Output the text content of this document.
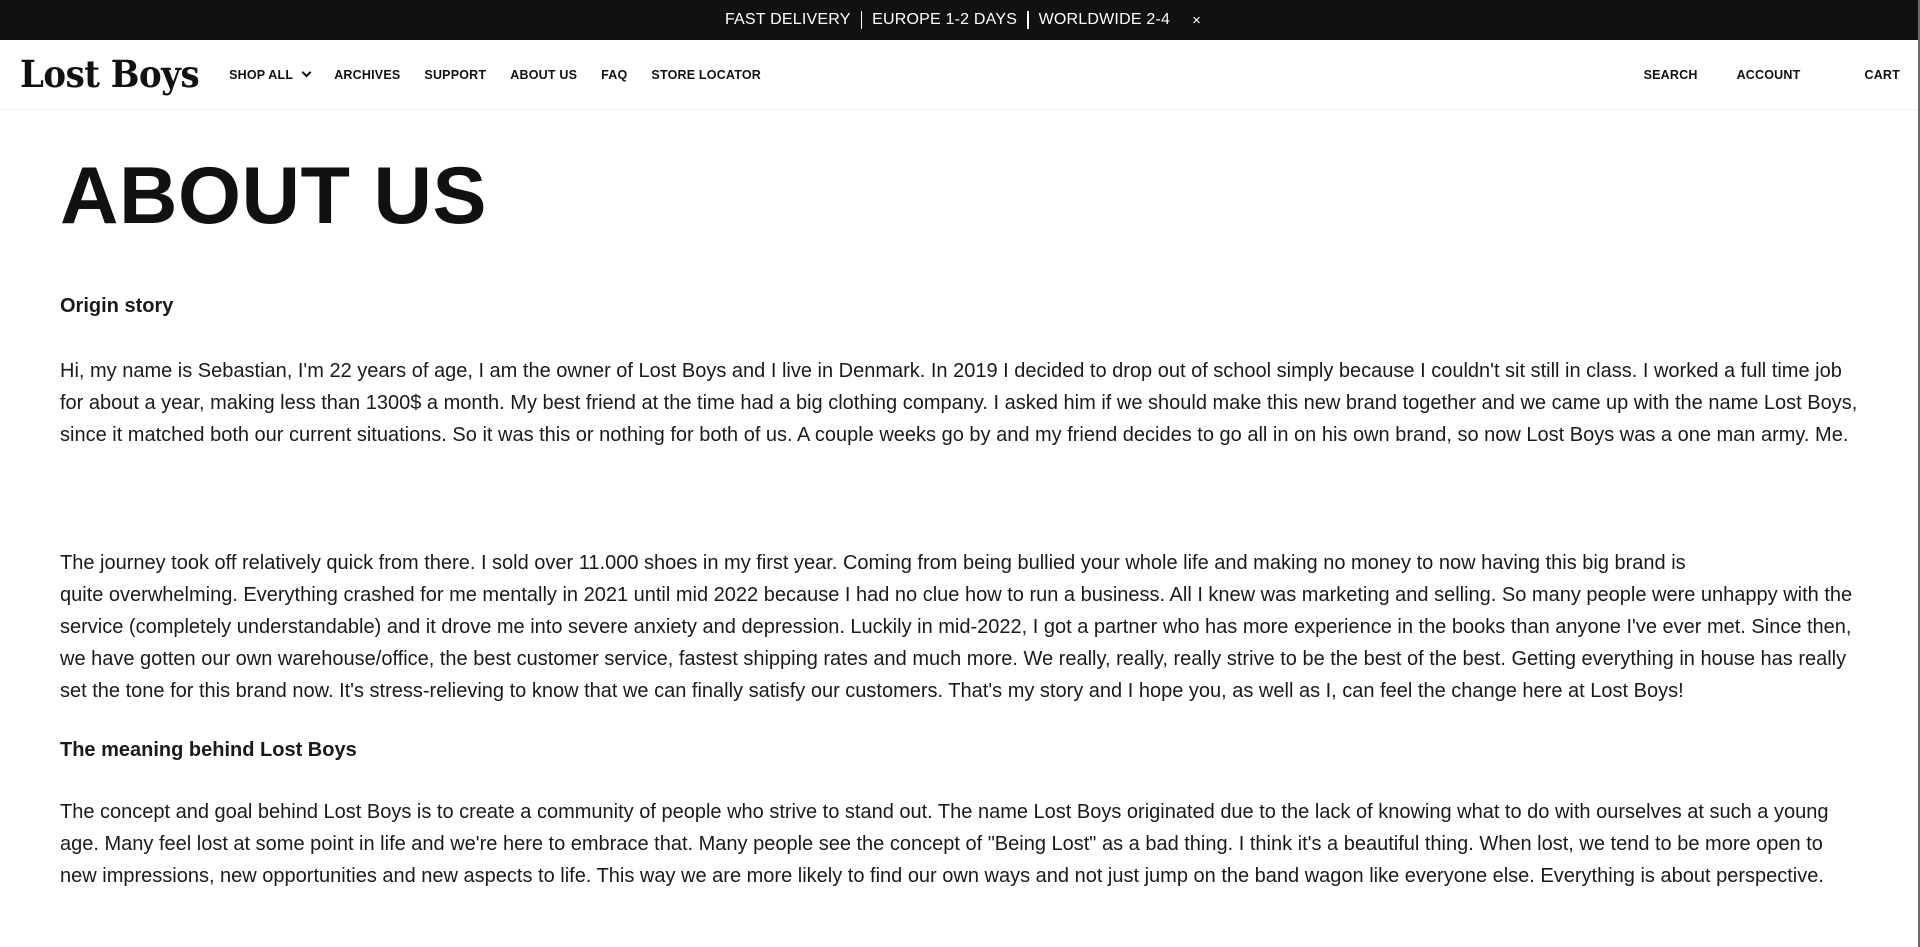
FAST DELIVERY	EUROPE 1-2 DAYS	WORLDWIDE 2-4	×
Lost Boys SHOP ALL	ARCHIVES SUPPORT ABOUT US FAQ STORE LOCATOR	SEARCH	ACCOUNT	CART
ABOUT US
Origin story

Hi, my name is Sebastian, I'm 22 years of age, I am the owner of Lost Boys and I live in Denmark. In 2019 I decided to drop out of school simply because I couldn't sit still in class. I worked a full time job for about a year, making less than 1300$ a month. My best friend at the time had a big clothing company. I asked him if we should make this new brand together and we came up with the name Lost Boys, since it matched both our current situations. So it was this or nothing for both of us. A couple weeks go by and my friend decides to go all in on his own brand, so now Lost Boys was a one man army. Me.

The journey took off relatively quick from there. I sold over 11.000 shoes in my first year. Coming from being bullied your whole life and making no money to now having this big brand is
quite overwhelming. Everything crashed for me mentally in 2021 until mid 2022 because I had no clue how to run a business. All I knew was marketing and selling. So many people were unhappy with the service (completely understandable) and it drove me into severe anxiety and depression. Luckily in mid-2022, I got a partner who has more experience in the books than anyone I've ever met. Since then, we have gotten our own warehouse/office, the best customer service, fastest shipping rates and much more. We really, really, really strive to be the best of the best. Getting everything in house has really set the tone for this brand now. It's stress-relieving to know that we can finally satisfy our customers. That's my story and I hope you, as well as I, can feel the change here at Lost Boys!

The meaning behind Lost Boys

The concept and goal behind Lost Boys is to create a community of people who strive to stand out. The name Lost Boys originated due to the lack of knowing what to do with ourselves at such a young age. Many feel lost at some point in life and we're here to embrace that. Many people see the concept of "Being Lost" as a bad thing. I think it's a beautiful thing. When lost, we tend to be more open to new impressions, new opportunities and new aspects to life. This way we are more likely to find our own ways and not just jump on the band wagon like everyone else. Everything is about perspective.
